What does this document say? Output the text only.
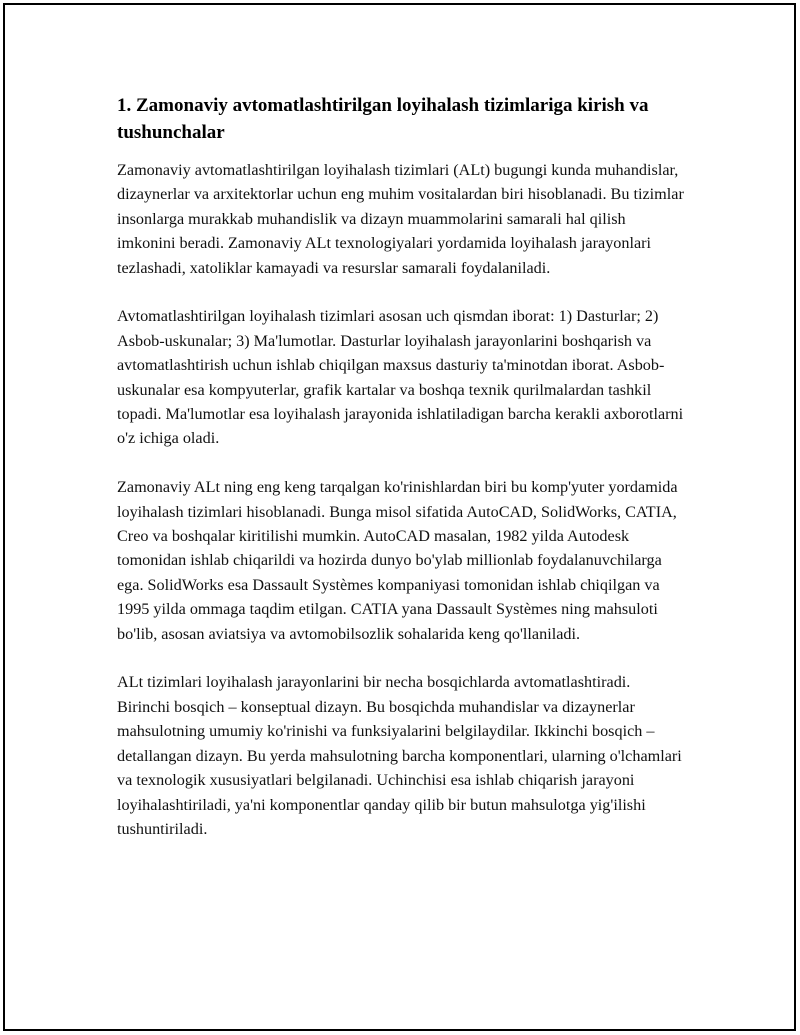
1. Zamonaviy avtomatlashtirilgan loyihalash tizimlariga kirish va tushunchalar

Zamonaviy avtomatlashtirilgan loyihalash tizimlari (ALt) bugungi kunda muhandislar, dizaynerlar va arxitektorlar uchun eng muhim vositalardan biri hisoblanadi. Bu tizimlar insonlarga murakkab muhandislik va dizayn muammolarini samarali hal qilish imkonini beradi. Zamonaviy ALt texnologiyalari yordamida loyihalash jarayonlari tezlashadi, xatoliklar kamayadi va resurslar samarali foydalaniladi.

Avtomatlashtirilgan loyihalash tizimlari asosan uch qismdan iborat: 1) Dasturlar; 2) Asbob-uskunalar; 3) Ma'lumotlar. Dasturlar loyihalash jarayonlarini boshqarish va avtomatlashtirish uchun ishlab chiqilgan maxsus dasturiy ta'minotdan iborat. Asbob-uskunalar esa kompyuterlar, grafik kartalar va boshqa texnik qurilmalardan tashkil topadi. Ma'lumotlar esa loyihalash jarayonida ishlatiladigan barcha kerakli axborotlarni o'z ichiga oladi.

Zamonaviy ALt ning eng keng tarqalgan ko'rinishlardan biri bu komp'yuter yordamida loyihalash tizimlari hisoblanadi. Bunga misol sifatida AutoCAD, SolidWorks, CATIA, Creo va boshqalar kiritilishi mumkin. AutoCAD masalan, 1982 yilda Autodesk tomonidan ishlab chiqarildi va hozirda dunyo bo'ylab millionlab foydalanuvchilarga ega. SolidWorks esa Dassault Systèmes kompaniyasi tomonidan ishlab chiqilgan va 1995 yilda ommaga taqdim etilgan. CATIA yana Dassault Systèmes ning mahsuloti bo'lib, asosan aviatsiya va avtomobilsozlik sohalarida keng qo'llaniladi.

ALt tizimlari loyihalash jarayonlarini bir necha bosqichlarda avtomatlashtiradi. Birinchi bosqich – konseptual dizayn. Bu bosqichda muhandislar va dizaynerlar mahsulotning umumiy ko'rinishi va funksiyalarini belgilaydilar. Ikkinchi bosqich – detallangan dizayn. Bu yerda mahsulotning barcha komponentlari, ularning o'lchamlari va texnologik xususiyatlari belgilanadi. Uchinchisi esa ishlab chiqarish jarayoni loyihalashtiriladi, ya'ni komponentlar qanday qilib bir butun mahsulotga yig'ilishi tushuntiriladi.
